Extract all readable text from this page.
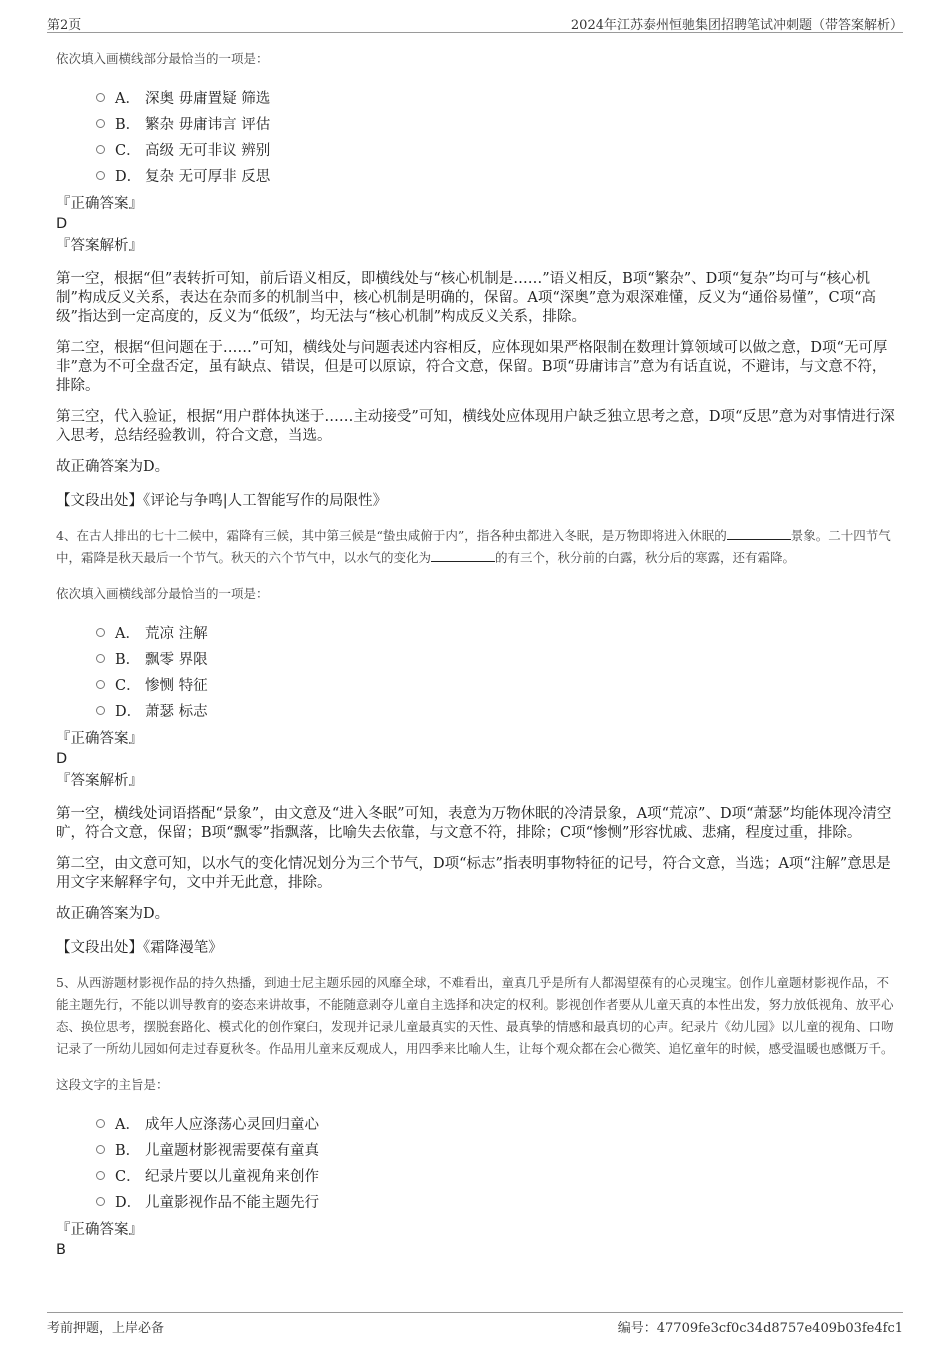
第2页	2024年江苏泰州恒驰集团招聘笔试冲刺题（带答案解析）
依次填入画横线部分最恰当的一项是：
A． 深奥 毋庸置疑 筛选
B． 繁杂 毋庸讳言 评估
C． 高级 无可非议 辨别
D． 复杂 无可厚非 反思
『正确答案』
D
『答案解析』
第一空，根据“但”表转折可知，前后语义相反，即横线处与“核心机制是……”语义相反，B项“繁杂”、D项“复杂”均可与“核心机制”构成反义关系，表达在杂而多的机制当中，核心机制是明确的，保留。A项“深奥”意为艰深难懂，反义为“通俗易懂”，C项“高级”指达到一定高度的，反义为“低级”，均无法与“核心机制”构成反义关系，排除。
第二空，根据“但问题在于……”可知，横线处与问题表述内容相反，应体现如果严格限制在数理计算领域可以做之意，D项“无可厚非”意为不可全盘否定，虽有缺点、错误，但是可以原谅，符合文意，保留。B项“毋庸讳言”意为有话直说，不避讳，与文意不符，排除。
第三空，代入验证，根据“用户群体执迷于……主动接受”可知，横线处应体现用户缺乏独立思考之意，D项“反思”意为对事情进行深入思考，总结经验教训，符合文意，当选。
故正确答案为D。
【文段出处】《评论与争鸣|人工智能写作的局限性》
4、在古人排出的七十二候中，霜降有三候，其中第三候是“蛰虫咸俯于内”，指各种虫都进入冬眠，是万物即将进入休眠的	景象。二十四节气中，霜降是秋天最后一个节气。秋天的六个节气中，以水气的变化为	的有三个，秋分前的白露，秋分后的寒露，还有霜降。
依次填入画横线部分最恰当的一项是：
A． 荒凉 注解
B． 飘零 界限
C． 惨恻 特征
D． 萧瑟 标志
『正确答案』
D
『答案解析』
第一空，横线处词语搭配“景象”，由文意及“进入冬眠”可知，表意为万物休眠的冷清景象，A项“荒凉”、D项“萧瑟”均能体现冷清空旷，符合文意，保留；B项“飘零”指飘落，比喻失去依靠，与文意不符，排除；C项“惨恻”形容忧戚、悲痛，程度过重，排除。
第二空，由文意可知，以水气的变化情况划分为三个节气，D项“标志”指表明事物特征的记号，符合文意，当选；A项“注解”意思是用文字来解释字句，文中并无此意，排除。
故正确答案为D。
【文段出处】《霜降漫笔》
5、从西游题材影视作品的持久热播，到迪士尼主题乐园的风靡全球，不难看出，童真几乎是所有人都渴望葆有的心灵瑰宝。创作儿童题材影视作品，不能主题先行，不能以训导教育的姿态来讲故事，不能随意剥夺儿童自主选择和决定的权利。影视创作者要从儿童天真的本性出发，努力放低视角、放平心态、换位思考，摆脱套路化、模式化的创作窠臼，发现并记录儿童最真实的天性、最真挚的情感和最真切的心声。纪录片《幼儿园》以儿童的视角、口吻记录了一所幼儿园如何走过春夏秋冬。作品用儿童来反观成人，用四季来比喻人生，让每个观众都在会心微笑、追忆童年的时候，感受温暖也感慨万千。
这段文字的主旨是：
A． 成年人应涤荡心灵回归童心
B． 儿童题材影视需要葆有童真
C． 纪录片要以儿童视角来创作
D． 儿童影视作品不能主题先行
『正确答案』
B
考前押题，上岸必备	编号：47709fe3cf0c34d8757e409b03fe4fc1
